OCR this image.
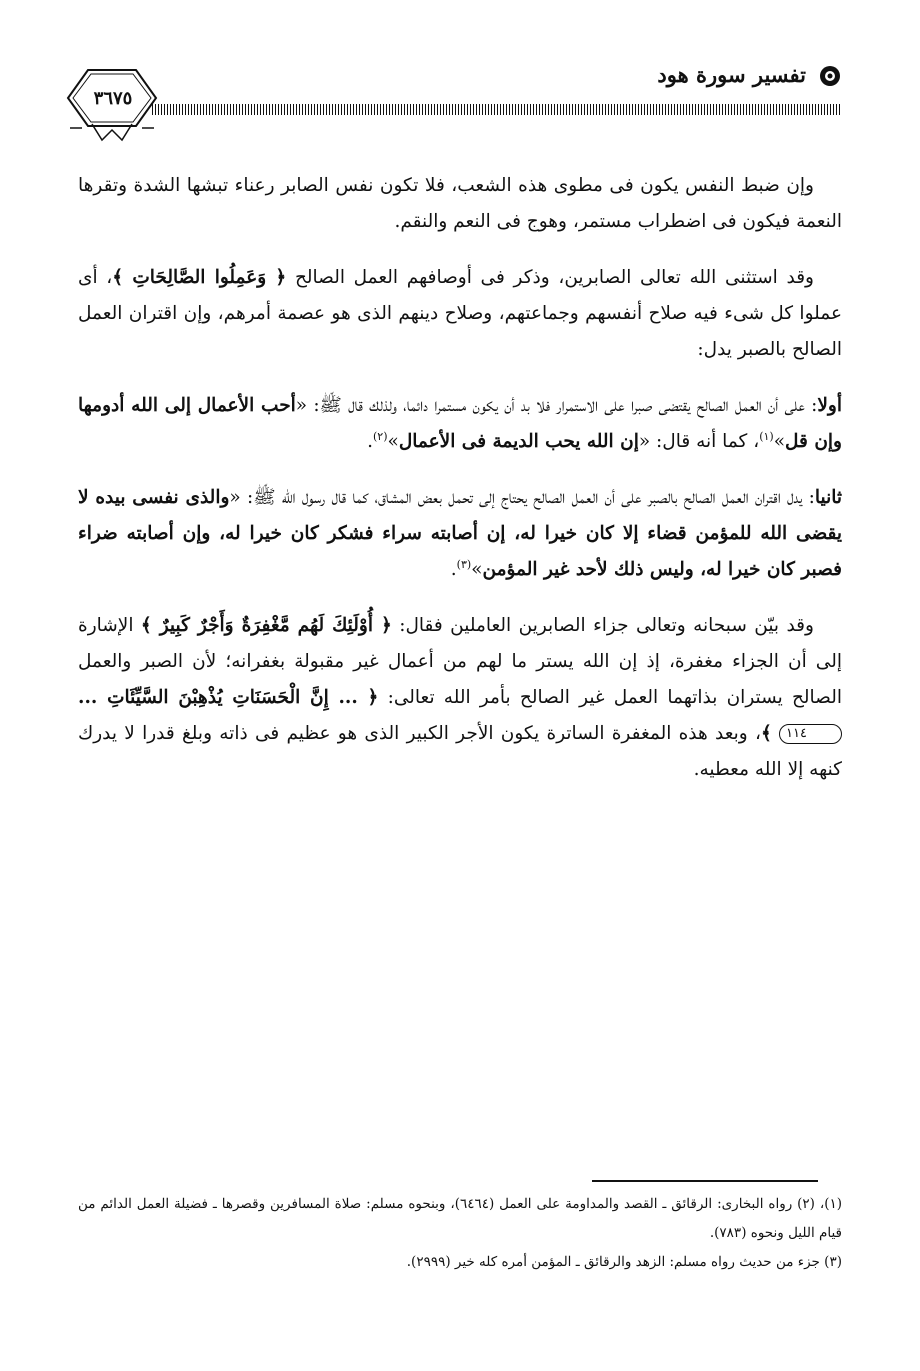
تفسير سورة هود
٣٦٧٥

وإن ضبط النفس يكون فى مطوى هذه الشعب، فلا تكون نفس الصابر رعناء تبشها الشدة وتقرها النعمة فيكون فى اضطراب مستمر، وهوج فى النعم والنقم.

وقد استثنى الله تعالى الصابرين، وذكر فى أوصافهم العمل الصالح ﴿ وَعَمِلُوا الصَّالِحَاتِ ﴾، أى عملوا كل شىء فيه صلاح أنفسهم وجماعتهم، وصلاح دينهم الذى هو عصمة أمرهم، وإن اقتران العمل الصالح بالصبر يدل:

أولا: على أن العمل الصالح يقتضى صبرا على الاستمرار فلا بد أن يكون مستمرا دائما، ولذلك قال ﷺ: «أحب الأعمال إلى الله أدومها وإن قل»$^{(١)}$، كما أنه قال: «إن الله يحب الديمة فى الأعمال»$^{(٢)}$.

ثانيا: يدل اقتران العمل الصالح بالصبر على أن العمل الصالح يحتاج إلى تحمل بعض المشاق، كما قال رسول الله ﷺ: «والذى نفسى بيده لا يقضى الله للمؤمن قضاء إلا كان خيرا له، إن أصابته سراء فشكر كان خيرا له، وإن أصابته ضراء فصبر كان خيرا له، وليس ذلك لأحد غير المؤمن»$^{(٣)}$.

وقد بيّن سبحانه وتعالى جزاء الصابرين العاملين فقال: ﴿ أُوْلَئِكَ لَهُم مَّغْفِرَةٌ وَأَجْرٌ كَبِيرٌ ﴾ الإشارة إلى أن الجزاء مغفرة، إذ إن الله يستر ما لهم من أعمال غير مقبولة بغفرانه؛ لأن الصبر والعمل الصالح يستران بذاتهما العمل غير الصالح بأمر الله تعالى: ﴿ ... إِنَّ الْحَسَنَاتِ يُذْهِبْنَ السَّيِّئَاتِ ... ١١٤ ﴾، وبعد هذه المغفرة الساترة يكون الأجر الكبير الذى هو عظيم فى ذاته وبلغ قدرا لا يدرك كنهه إلا الله معطيه.

(١)، (٢) رواه البخارى: الرقائق ـ القصد والمداومة على العمل (٦٤٦٤)، وبنحوه مسلم: صلاة المسافرين وقصرها ـ فضيلة العمل الدائم من قيام الليل ونحوه (٧٨٣).

(٣) جزء من حديث رواه مسلم: الزهد والرقائق ـ المؤمن أمره كله خير (٢٩٩٩).
